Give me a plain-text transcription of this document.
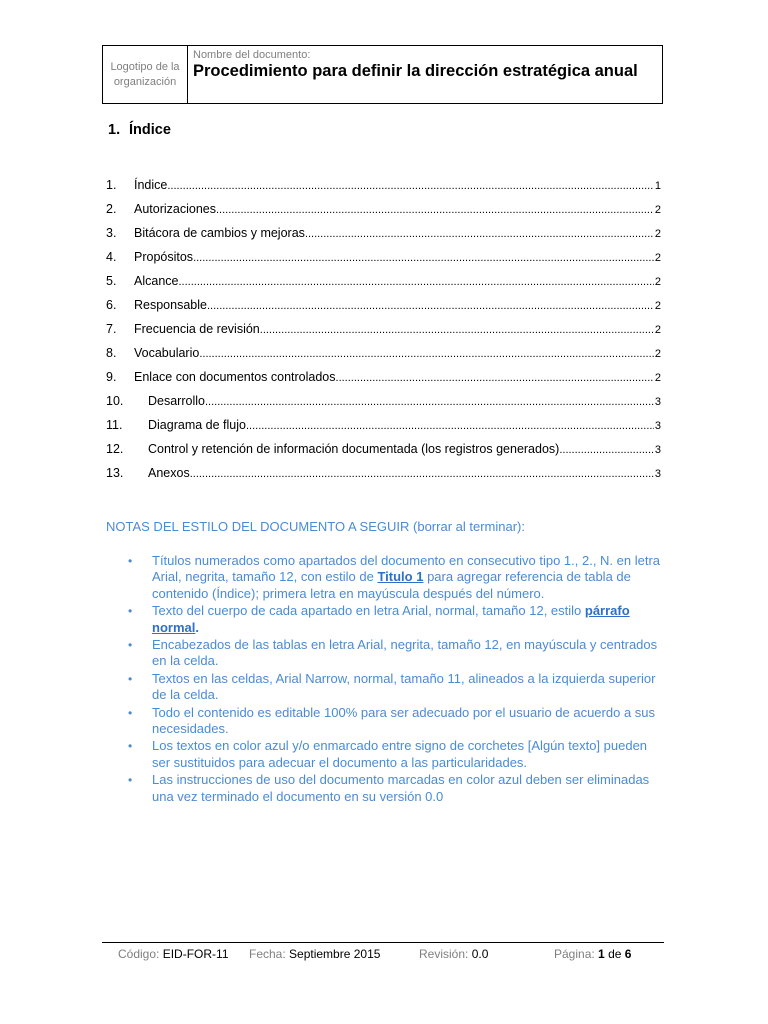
Logotipo de la organización
Nombre del documento:
Procedimiento para definir la dirección estratégica anual
1. Índice
1.	Índice .....	1
2.	Autorizaciones .....	2
3.	Bitácora de cambios y mejoras .....	2
4.	Propósitos .....	2
5.	Alcance .....	2
6.	Responsable .....	2
7.	Frecuencia de revisión .....	2
8.	Vocabulario .....	2
9.	Enlace con documentos controlados .....	2
10.	Desarrollo .....	3
11.	Diagrama de flujo .....	3
12.	Control y retención de información documentada (los registros generados) .....	3
13.	Anexos .....	3
NOTAS DEL ESTILO DEL DOCUMENTO A SEGUIR (borrar al terminar):
• Títulos numerados como apartados del documento en consecutivo tipo 1., 2., N. en letra Arial, negrita, tamaño 12, con estilo de Titulo 1 para agregar referencia de tabla de contenido (Índice); primera letra en mayúscula después del número.
• Texto del cuerpo de cada apartado en letra Arial, normal, tamaño 12, estilo párrafo normal.
• Encabezados de las tablas en letra Arial, negrita, tamaño 12, en mayúscula y centrados en la celda.
• Textos en las celdas, Arial Narrow, normal, tamaño 11, alineados a la izquierda superior de la celda.
• Todo el contenido es editable 100% para ser adecuado por el usuario de acuerdo a sus necesidades.
• Los textos en color azul y/o enmarcado entre signo de corchetes [Algún texto] pueden ser sustituidos para adecuar el documento a las particularidades.
• Las instrucciones de uso del documento marcadas en color azul deben ser eliminadas una vez terminado el documento en su versión 0.0
Código: EID-FOR-11 Fecha: Septiembre 2015	Revisión: 0.0	Página: 1 de 6
